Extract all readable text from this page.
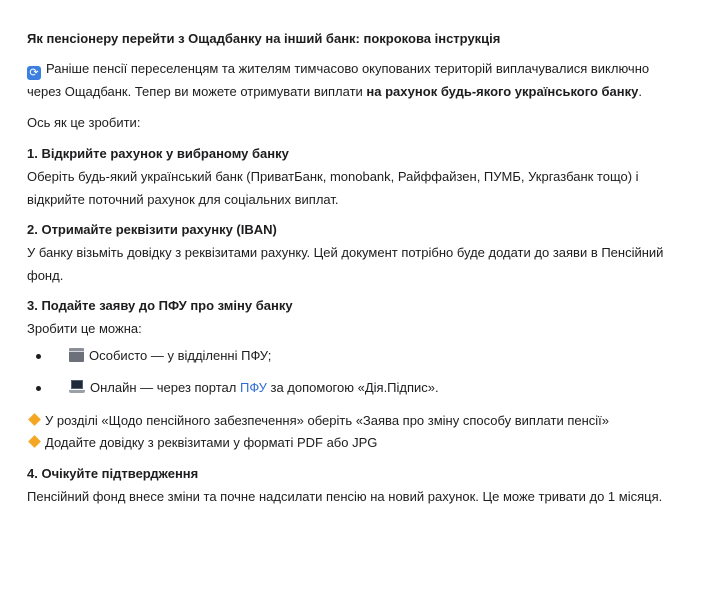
Як пенсіонеру перейти з Ощадбанку на інший банк: покрокова інструкція

⟳ Раніше пенсії переселенцям та жителям тимчасово окупованих територій виплачувалися виключно через Ощадбанк. Тепер ви можете отримувати виплати на рахунок будь-якого українського банку.

Ось як це зробити:

1. Відкрийте рахунок у вибраному банку

Оберіть будь-який український банк (ПриватБанк, monobank, Райффайзен, ПУМБ, Укргазбанк тощо) і відкрийте поточний рахунок для соціальних виплат.

2. Отримайте реквізити рахунку (IBAN)

У банку візьміть довідку з реквізитами рахунку. Цей документ потрібно буде додати до заяви в Пенсійний фонд.

3. Подайте заяву до ПФУ про зміну банку

Зробити це можна:

Особисто — у відділенні ПФУ;
Онлайн — через портал ПФУ за допомогою «Дія.Підпис».

У розділі «Щодо пенсійного забезпечення» оберіть «Заява про зміну способу виплати пенсії»

Додайте довідку з реквізитами у форматі PDF або JPG

4. Очікуйте підтвердження

Пенсійний фонд внесе зміни та почне надсилати пенсію на новий рахунок. Це може тривати до 1 місяця.
